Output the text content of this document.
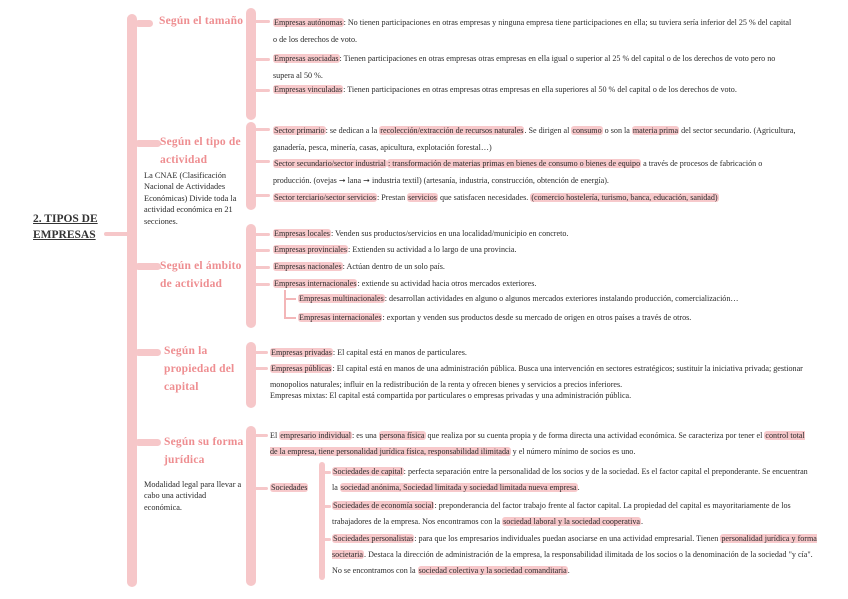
2. TIPOS DE EMPRESAS
Según el tamaño	Empresas autónomas: No tienen participaciones en otras empresas y ninguna empresa tiene participaciones en ella; su tuviera sería inferior del 25 % del capital o de los derechos de voto.
Empresas asociadas: Tienen participaciones en otras empresas otras empresas en ella igual o superior al 25 % del capital o de los derechos de voto pero no supera al 50 %.
Empresas vinculadas: Tienen participaciones en otras empresas otras empresas en ella superiores al 50 % del capital o de los derechos de voto.
Según el tipo de actividad
La CNAE (Clasificación Nacional de Actividades Económicas) Divide toda la actividad económica en 21 secciones.
Sector primario: se dedican a la recolección/extracción de recursos naturales. Se dirigen al consumo o son la materia prima del sector secundario. (Agricultura, ganadería, pesca, minería, casas, apicultura, explotación forestal…)
Sector secundario/sector industrial : transformación de materias primas en bienes de consumo o bienes de equipo a través de procesos de fabricación o producción. (ovejas ➞ lana ➞ industria textil) (artesanía, industria, construcción, obtención de energía).
Sector terciario/sector servicios: Prestan servicios que satisfacen necesidades. (comercio hostelería, turismo, banca, educación, sanidad)
Según el ámbito de actividad
Empresas locales: Venden sus productos/servicios en una localidad/municipio en concreto.
Empresas provinciales: Extienden su actividad a lo largo de una provincia.
Empresas nacionales: Actúan dentro de un solo país.
Empresas internacionales: extiende su actividad hacia otros mercados exteriores.
Empresas multinacionales: desarrollan actividades en alguno o algunos mercados exteriores instalando producción, comercialización…
Empresas internacionales: exportan y venden sus productos desde su mercado de origen en otros países a través de otros.
Según la propiedad del capital
Empresas privadas: El capital está en manos de particulares.
Empresas públicas: El capital está en manos de una administración pública. Busca una intervención en sectores estratégicos; sustituir la iniciativa privada; gestionar monopolios naturales; influir en la redistribución de la renta y ofrecen bienes y servicios a precios inferiores.
Empresas mixtas: El capital está compartida por particulares o empresas privadas y una administración pública.
Según su forma jurídica
Modalidad legal para llevar a cabo una actividad económica.
El empresario individual: es una persona física que realiza por su cuenta propia y de forma directa una actividad económica. Se caracteriza por tener el control total de la empresa, tiene personalidad jurídica física, responsabilidad ilimitada y el número mínimo de socios es uno.
Sociedades
Sociedades de capital: perfecta separación entre la personalidad de los socios y de la sociedad. Es el factor capital el preponderante. Se encuentran la sociedad anónima, Sociedad limitada y sociedad limitada nueva empresa.
Sociedades de economía social: preponderancia del factor trabajo frente al factor capital. La propiedad del capital es mayoritariamente de los trabajadores de la empresa. Nos encontramos con la sociedad laboral y la sociedad cooperativa.
Sociedades personalistas: para que los empresarios individuales puedan asociarse en una actividad empresarial. Tienen personalidad jurídica y forma societaria. Destaca la dirección de administración de la empresa, la responsabilidad ilimitada de los socios o la denominación de la sociedad "y cía". No se encontramos con la sociedad colectiva y la sociedad comanditaria.
